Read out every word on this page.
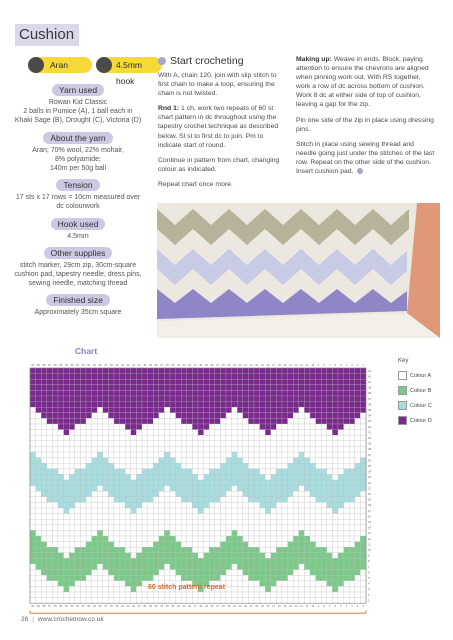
Cushion
Aran	4.5mm hook
Yarn used
Rowan Kid Classic
2 balls in Pumice (A), 1 ball each in Khaki Sage (B), Drought (C), Victoria (D)
About the yarn
Aran; 70% wool, 22% mohair,
8% polyamide;
140m per 50g ball
Tension
17 sts x 17 rows = 10cm measured over dc colourwork
Hook used
4.5mm
Other supplies
stitch marker, 29cm zip, 30cm-square cushion pad, tapestry needle, dress pins, sewing needle, matching thread
Finished size
Approximately 35cm square
Start crocheting

With A, chain 120, join with slip stitch to first chain to make a loop, ensuring the chain is not twisted.

Rnd 1: 1 ch, work two repeats of 60 st chart pattern in dc throughout using the tapestry crochet technique as described below. Sl st to first dc to join. Pm to indicate start of round.

Continue in pattern from chart, changing colour as indicated.

Repeat chart once more.

Making up: Weave in ends. Block, paying attention to ensure the chevrons are aligned when pinning work out. With RS together, work a row of dc across bottom of cushion. Work 8 dc at either side of top of cushion, leaving a gap for the zip.

Pin one side of the zip in place using dressing pins.

Stitch in place using sewing thread and needle going just under the stitches of the last row. Repeat on the other side of the cushion. Insert cushion pad.

Chart
60
60
59
59
58
58
57
57
56
56
55
55
54
54
53
53
52
52
51
51
50
50
49
49
48
48
47
47
46
46
45
45
44
44
43
43
42
42
41
41
40
40
39
39
38
38
37
37
36
36
35
35
34
34
33
33
32
32
31
31
30
30
29
29
28
28
27
27
26
26
25
25
24
24
23
23
22
22
21
21
20
20
19
19
18
18
17
17
16
16
15
15
14
14
13
13
12
12
11
11
10
10
9
9
8
8
7
7
6
6
5
5
4
4
3
3
2
2
1
1
42
41
40
39
38
37
36
35
34
33
32
31
30
29
28
27
26
25
24
23
22
21
20
19
18
17
16
15
14
13
12
11
10
9
8
7
6
5
4
3
2
1
Key
Colour A
Colour B
Colour C
Colour D
60 stitch pattern repeat
26 | www.crochetnow.co.uk
